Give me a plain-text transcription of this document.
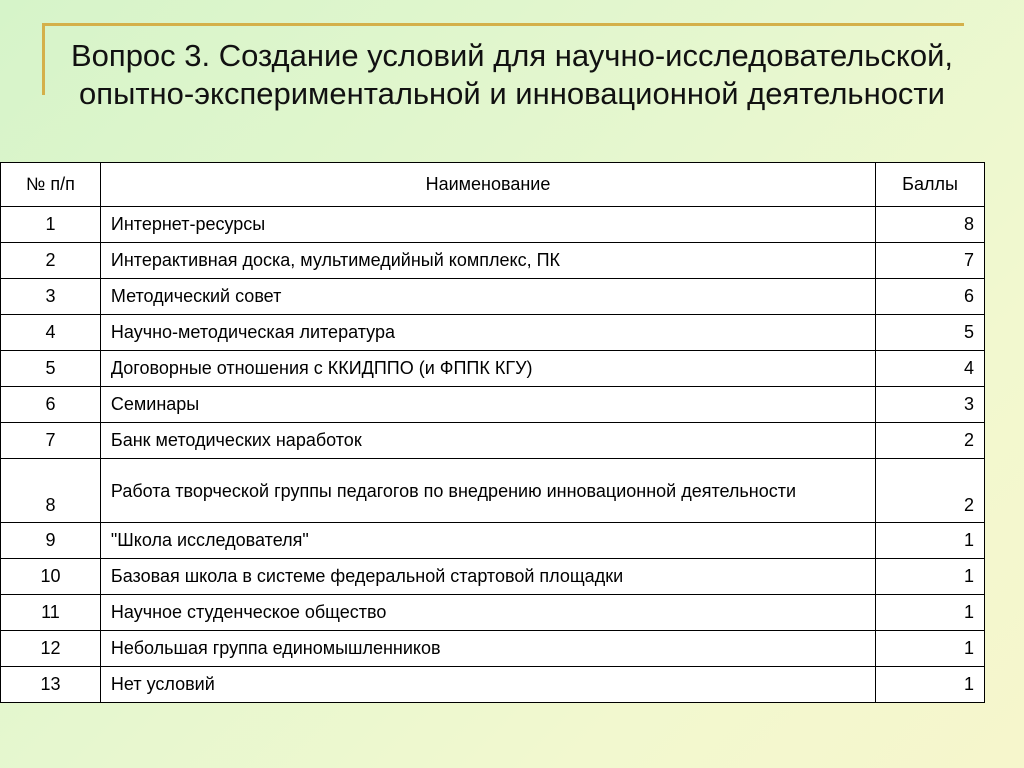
Вопрос 3. Создание условий для научно-исследовательской, опытно-экспериментальной и инновационной деятельности
№ п/п	Наименование	Баллы
1	Интернет-ресурсы	8
2	Интерактивная доска, мультимедийный комплекс, ПК	7
3	Методический совет	6
4	Научно-методическая литература	5
5	Договорные отношения с ККИДППО (и ФППК КГУ)	4
6	Семинары	3
7	Банк методических наработок	2
8	Работа творческой группы педагогов по внедрению инновационной деятельности	2
9	"Школа исследователя"	1
10	Базовая школа в системе федеральной стартовой площадки	1
11	Научное студенческое общество	1
12	Небольшая группа единомышленников	1
13	Нет условий	1
